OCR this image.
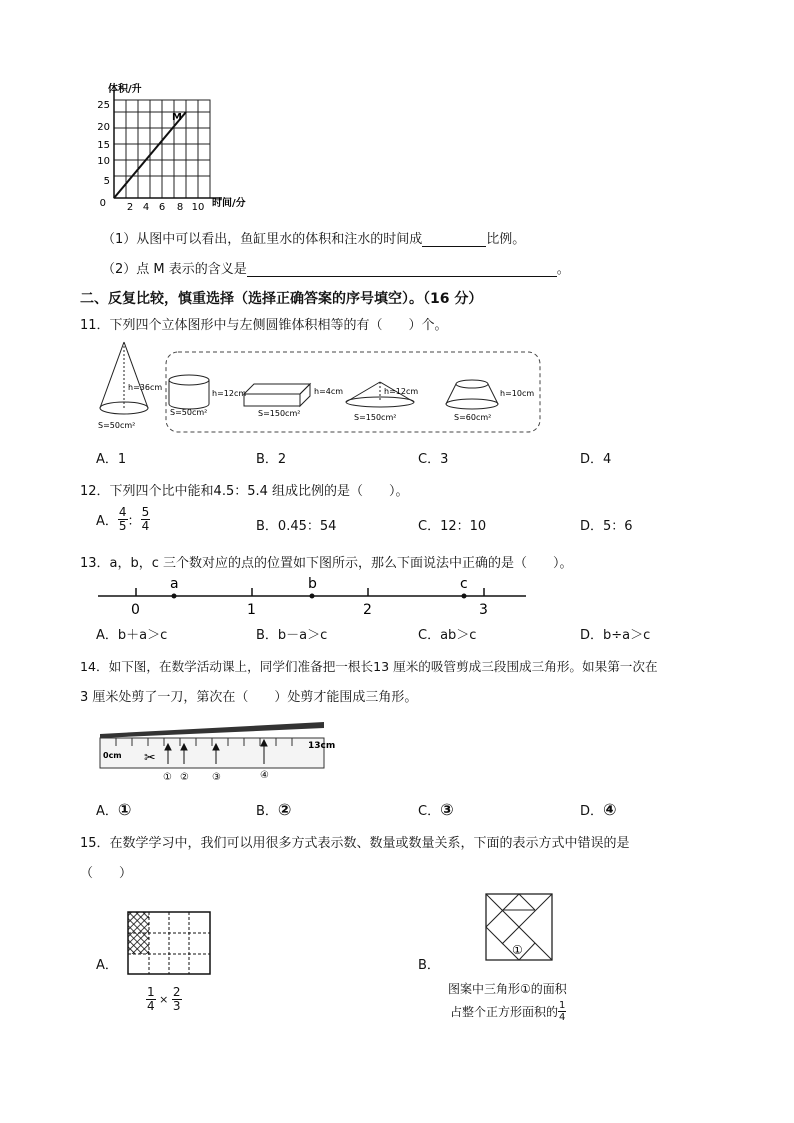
体积/升
时间/分
M
25
20
15
10
5
0 2 4 6 8 10
（1）从图中可以看出，鱼缸里水的体积和注水的时间成	比例。
（2）点 M 表示的含义是	。
二、反复比较，慎重选择（选择正确答案的序号填空）。（16 分）
11．下列四个立体图形中与左侧圆锥体积相等的有（　　）个。
h=36cm
S=50cm²
h=12cm
S=50cm²
h=4cm
S=150cm²
h=12cm
S=150cm²
h=10cm
S=60cm²
A．1	B．2	C．3	D．4
12．下列四个比中能和4.5：5.4 组成比例的是（　　）。
A． $\frac{4}{5}$ ： $\frac{5}{4}$	B．0.45：54	C．12：10	D．5：6
13．a，b，c 三个数对应的点的位置如下图所示，那么下面说法中正确的是（　　）。
a	b	c
0	1	2	3
A．b＋a＞c	B．b－a＞c	C．ab＞c	D．b÷a＞c
14．如下图，在数学活动课上，同学们准备把一根长13 厘米的吸管剪成三段围成三角形。如果第一次在
3 厘米处剪了一刀，第次在（　　）处剪才能围成三角形。
0cm
13cm
✂
① ② ③	④
A．①	B．②	C．③	D．④
15．在数学学习中，我们可以用很多方式表示数、数量或数量关系，下面的表示方式中错误的是
（　　）
A．
$\frac{1}{4} \times \frac{2}{3}$
B．
①
图案中三角形①的面积
占整个正方形面积的 $\frac{1}{4}$
